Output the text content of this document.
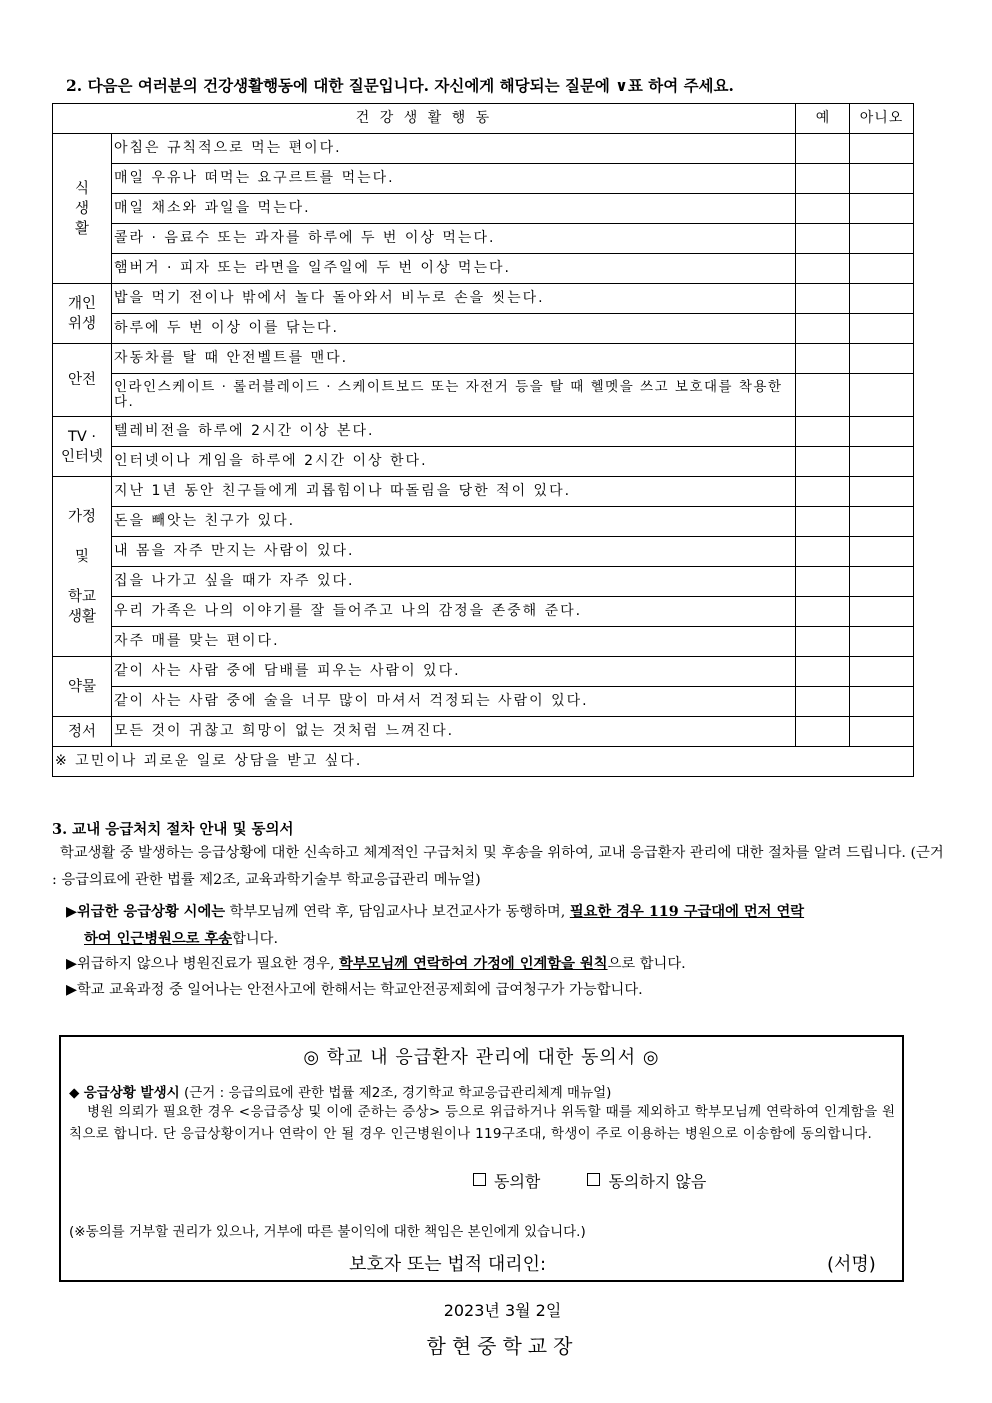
2. 다음은 여러분의 건강생활행동에 대한 질문입니다. 자신에게 해당되는 질문에 ∨표 하여 주세요.
건 강 생 활 행 동		예	아니오
식
생
활	아침은 규칙적으로 먹는 편이다.		
	매일 우유나 떠먹는 요구르트를 먹는다.		
	매일 채소와 과일을 먹는다.		
	콜라 · 음료수 또는 과자를 하루에 두 번 이상 먹는다.		
	햄버거 · 피자 또는 라면을 일주일에 두 번 이상 먹는다.		
개인
위생	밥을 먹기 전이나 밖에서 놀다 돌아와서 비누로 손을 씻는다.		
	하루에 두 번 이상 이를 닦는다.		
안전	자동차를 탈 때 안전벨트를 맨다.		
	인라인스케이트 · 롤러블레이드 · 스케이트보드 또는 자전거 등을 탈 때 헬멧을 쓰고 보호대를 착용한다.		
TV ·
인터넷	텔레비전을 하루에 2시간 이상 본다.		
	인터넷이나 게임을 하루에 2시간 이상 한다.		
가정

및

학교
생활	지난 1년 동안 친구들에게 괴롭힘이나 따돌림을 당한 적이 있다.		
	돈을 빼앗는 친구가 있다.		
	내 몸을 자주 만지는 사람이 있다.		
	집을 나가고 싶을 때가 자주 있다.		
	우리 가족은 나의 이야기를 잘 들어주고 나의 감정을 존중해 준다.		
	자주 매를 맞는 편이다.		
약물	같이 사는 사람 중에 담배를 피우는 사람이 있다.		
	같이 사는 사람 중에 술을 너무 많이 마셔서 걱정되는 사람이 있다.		
정서	모든 것이 귀찮고 희망이 없는 것처럼 느껴진다.		
※ 고민이나 괴로운 일로 상담을 받고 싶다.			
3. 교내 응급처치 절차 안내 및 동의서
학교생활 중 발생하는 응급상황에 대한 신속하고 체계적인 구급처치 및 후송을 위하여, 교내 응급환자 관리에 대한 절차를 알려 드립니다. (근거 : 응급의료에 관한 법률 제2조, 교육과학기술부 학교응급관리 메뉴얼)
▶위급한 응급상황 시에는 학부모님께 연락 후, 담임교사나 보건교사가 동행하며, 필요한 경우 119 구급대에 먼저 연락
하여 인근병원으로 후송합니다.
▶위급하지 않으나 병원진료가 필요한 경우, 학부모님께 연락하여 가정에 인계함을 원칙으로 합니다.
▶학교 교육과정 중 일어나는 안전사고에 한해서는 학교안전공제회에 급여청구가 가능합니다.
◎ 학교 내 응급환자 관리에 대한 동의서 ◎
◆ 응급상황 발생시 (근거 : 응급의료에 관한 법률 제2조, 경기학교 학교응급관리체계 매뉴얼)
병원 의뢰가 필요한 경우 <응급증상 및 이에 준하는 증상> 등으로 위급하거나 위독할 때를 제외하고 학부모님께 연락하여 인계함을 원칙으로 합니다. 단 응급상황이거나 연락이 안 될 경우 인근병원이나 119구조대, 학생이 주로 이용하는 병원으로 이송함에 동의합니다.
동의함	동의하지 않음
(※동의를 거부할 권리가 있으나, 거부에 따른 불이익에 대한 책임은 본인에게 있습니다.)
보호자 또는 법적 대리인:	(서명)
2023년 3월 2일
함현중학교장
